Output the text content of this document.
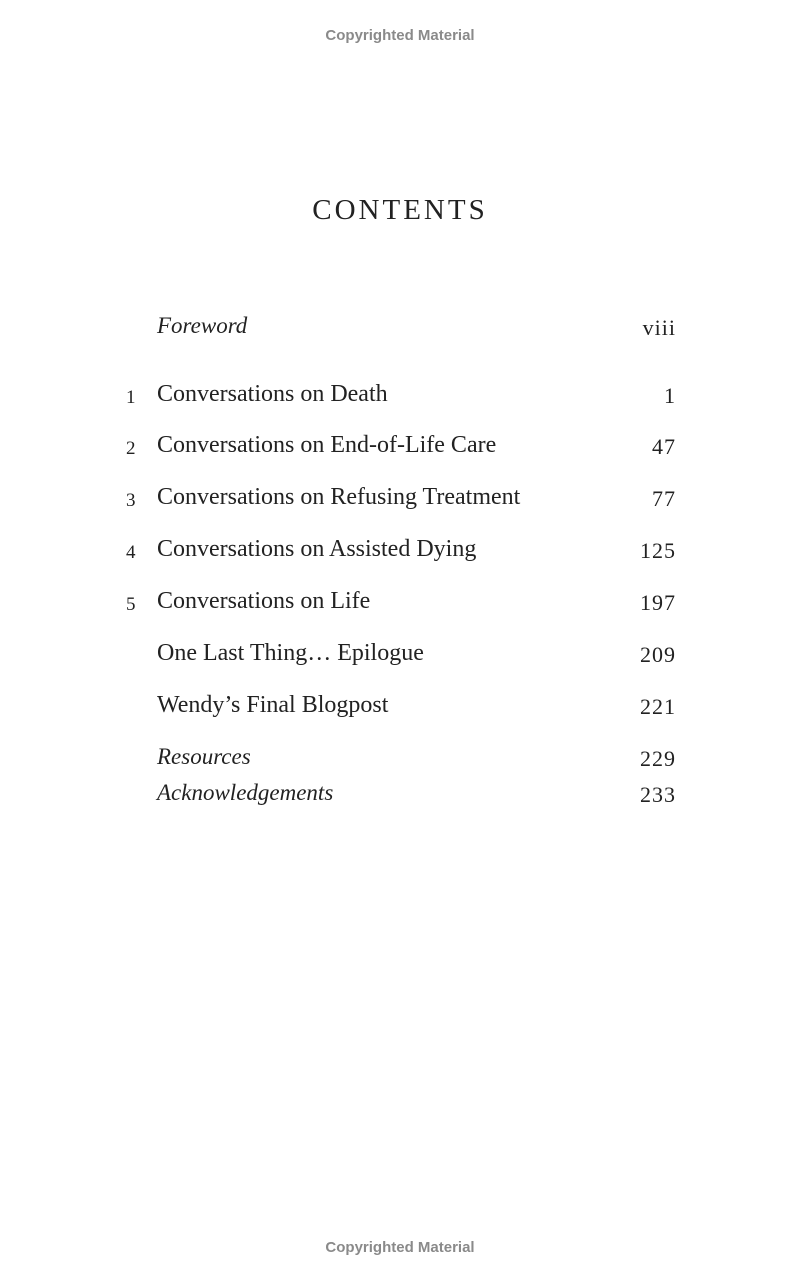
Copyrighted Material
CONTENTS
Foreword	viii
1 Conversations on Death	1
2 Conversations on End-of-Life Care	47
3 Conversations on Refusing Treatment	77
4 Conversations on Assisted Dying	125
5 Conversations on Life	197
One Last Thing… Epilogue	209
Wendy’s Final Blogpost	221
Resources	229
Acknowledgements	233
Copyrighted Material
